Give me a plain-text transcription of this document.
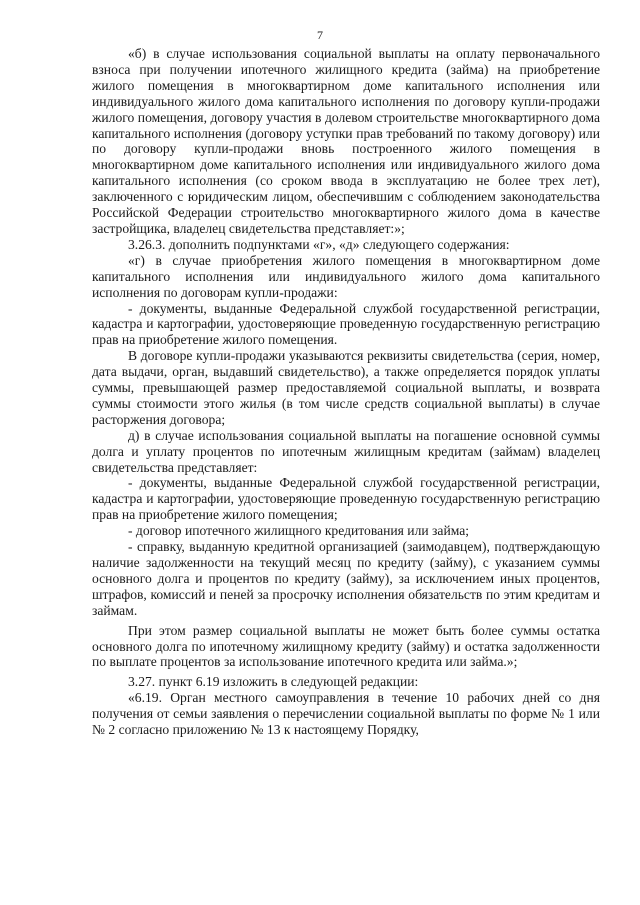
7

«б) в случае использования социальной выплаты на оплату первоначального взноса при получении ипотечного жилищного кредита (займа) на приобретение жилого помещения в многоквартирном доме капитального исполнения или индивидуального жилого дома капитального исполнения по договору купли-продажи жилого помещения, договору участия в долевом строительстве многоквартирного дома капитального исполнения (договору уступки прав требований по такому договору) или по договору купли-продажи вновь построенного жилого помещения в многоквартирном доме капитального исполнения или индивидуального жилого дома капитального исполнения (со сроком ввода в эксплуатацию не более трех лет), заключенного с юридическим лицом, обеспечившим с соблюдением законодательства Российской Федерации строительство многоквартирного жилого дома в качестве застройщика, владелец свидетельства представляет:»;

3.26.3. дополнить подпунктами «г», «д» следующего содержания:

«г) в случае приобретения жилого помещения в многоквартирном доме капитального исполнения или индивидуального жилого дома капитального исполнения по договорам купли-продажи:

- документы, выданные Федеральной службой государственной регистрации, кадастра и картографии, удостоверяющие проведенную государственную регистрацию прав на приобретение жилого помещения.

В договоре купли-продажи указываются реквизиты свидетельства (серия, номер, дата выдачи, орган, выдавший свидетельство), а также определяется порядок уплаты суммы, превышающей размер предоставляемой социальной выплаты, и возврата суммы стоимости этого жилья (в том числе средств социальной выплаты) в случае расторжения договора;

д) в случае использования социальной выплаты на погашение основной суммы долга и уплату процентов по ипотечным жилищным кредитам (займам) владелец свидетельства представляет:

- документы, выданные Федеральной службой государственной регистрации, кадастра и картографии, удостоверяющие проведенную государственную регистрацию прав на приобретение жилого помещения;

- договор ипотечного жилищного кредитования или займа;

- справку, выданную кредитной организацией (заимодавцем), подтверждающую наличие задолженности на текущий месяц по кредиту (займу), с указанием суммы основного долга и процентов по кредиту (займу), за исключением иных процентов, штрафов, комиссий и пеней за просрочку исполнения обязательств по этим кредитам и займам.

При этом размер социальной выплаты не может быть более суммы остатка основного долга по ипотечному жилищному кредиту (займу) и остатка задолженности по выплате процентов за использование ипотечного кредита или займа.»;

3.27. пункт 6.19 изложить в следующей редакции:

«6.19. Орган местного самоуправления в течение 10 рабочих дней со дня получения от семьи заявления о перечислении социальной выплаты по форме № 1 или № 2 согласно приложению № 13 к настоящему Порядку,
